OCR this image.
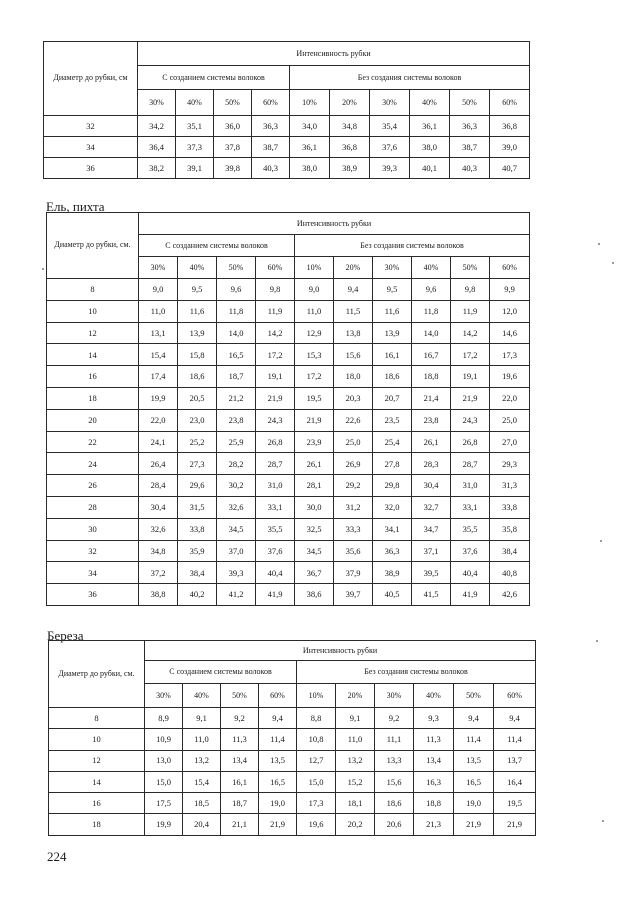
Диаметр до рубки, см	Интенсивность рубки									
	С созданием системы волоков				Без создания системы волоков					
	30%	40%	50%	60%	10%	20%	30%	40%	50%	60%
32	34,2	35,1	36,0	36,3	34,0	34,8	35,4	36,1	36,3	36,8
34	36,4	37,3	37,8	38,7	36,1	36,8	37,6	38,0	38,7	39,0
36	38,2	39,1	39,8	40,3	38,0	38,9	39,3	40,1	40,3	40,7
Ель, пихта
Диаметр до рубки, см.	Интенсивность рубки									
	С созданием системы волоков				Без создания системы волоков					
	30%	40%	50%	60%	10%	20%	30%	40%	50%	60%
8	9,0	9,5	9,6	9,8	9,0	9,4	9,5	9,6	9,8	9,9
10	11,0	11,6	11,8	11,9	11,0	11,5	11,6	11,8	11,9	12,0
12	13,1	13,9	14,0	14,2	12,9	13,8	13,9	14,0	14,2	14,6
14	15,4	15,8	16,5	17,2	15,3	15,6	16,1	16,7	17,2	17,3
16	17,4	18,6	18,7	19,1	17,2	18,0	18,6	18,8	19,1	19,6
18	19,9	20,5	21,2	21,9	19,5	20,3	20,7	21,4	21,9	22,0
20	22,0	23,0	23,8	24,3	21,9	22,6	23,5	23,8	24,3	25,0
22	24,1	25,2	25,9	26,8	23,9	25,0	25,4	26,1	26,8	27,0
24	26,4	27,3	28,2	28,7	26,1	26,9	27,8	28,3	28,7	29,3
26	28,4	29,6	30,2	31,0	28,1	29,2	29,8	30,4	31,0	31,3
28	30,4	31,5	32,6	33,1	30,0	31,2	32,0	32,7	33,1	33,8
30	32,6	33,8	34,5	35,5	32,5	33,3	34,1	34,7	35,5	35,8
32	34,8	35,9	37,0	37,6	34,5	35,6	36,3	37,1	37,6	38,4
34	37,2	38,4	39,3	40,4	36,7	37,9	38,9	39,5	40,4	40,8
36	38,8	40,2	41,2	41,9	38,6	39,7	40,5	41,5	41,9	42,6
Береза
Диаметр до рубки, см.	Интенсивность рубки									
	С созданием системы волоков				Без создания системы волоков					
	30%	40%	50%	60%	10%	20%	30%	40%	50%	60%
8	8,9	9,1	9,2	9,4	8,8	9,1	9,2	9,3	9,4	9,4
10	10,9	11,0	11,3	11,4	10,8	11,0	11,1	11,3	11,4	11,4
12	13,0	13,2	13,4	13,5	12,7	13,2	13,3	13,4	13,5	13,7
14	15,0	15,4	16,1	16,5	15,0	15,2	15,6	16,3	16,5	16,4
16	17,5	18,5	18,7	19,0	17,3	18,1	18,6	18,8	19,0	19,5
18	19,9	20,4	21,1	21,9	19,6	20,2	20,6	21,3	21,9	21,9
224
